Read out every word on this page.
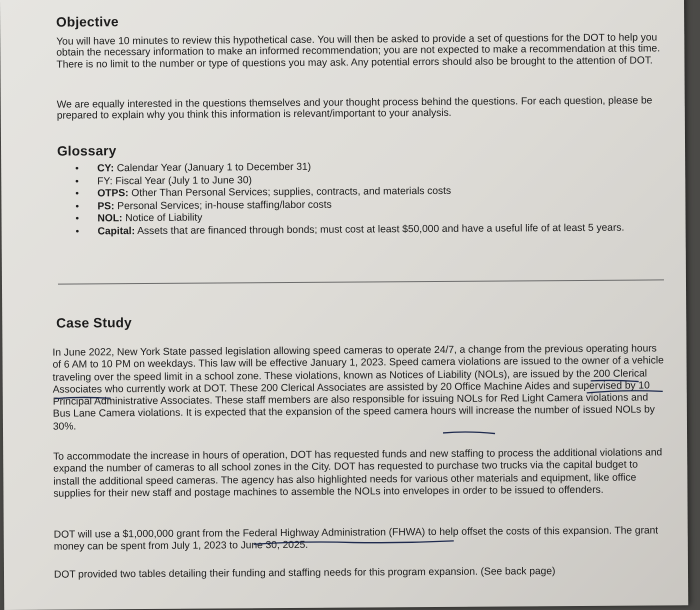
Objective

You will have 10 minutes to review this hypothetical case. You will then be asked to provide a set of questions for the DOT to help you obtain the necessary information to make an informed recommendation; you are not expected to make a recommendation at this time. There is no limit to the number or type of questions you may ask. Any potential errors should also be brought to the attention of DOT.

We are equally interested in the questions themselves and your thought process behind the questions. For each question, please be prepared to explain why you think this information is relevant/important to your analysis.

Glossary
• CY: Calendar Year (January 1 to December 31)
• FY: Fiscal Year (July 1 to June 30)
• OTPS: Other Than Personal Services; supplies, contracts, and materials costs
• PS: Personal Services; in-house staffing/labor costs
• NOL: Notice of Liability
• Capital: Assets that are financed through bonds; must cost at least $50,000 and have a useful life of at least 5 years.
Case Study

In June 2022, New York State passed legislation allowing speed cameras to operate 24/7, a change from the previous operating hours of 6 AM to 10 PM on weekdays. This law will be effective January 1, 2023. Speed camera violations are issued to the owner of a vehicle traveling over the speed limit in a school zone. These violations, known as Notices of Liability (NOLs), are issued by the 200 Clerical Associates who currently work at DOT. These 200 Clerical Associates are assisted by 20 Office Machine Aides and supervised by 10 Principal Administrative Associates. These staff members are also responsible for issuing NOLs for Red Light Camera violations and Bus Lane Camera violations. It is expected that the expansion of the speed camera hours will increase the number of issued NOLs by 30%.

To accommodate the increase in hours of operation, DOT has requested funds and new staffing to process the additional violations and expand the number of cameras to all school zones in the City. DOT has requested to purchase two trucks via the capital budget to install the additional speed cameras. The agency has also highlighted needs for various other materials and equipment, like office supplies for their new staff and postage machines to assemble the NOLs into envelopes in order to be issued to offenders.

DOT will use a $1,000,000 grant from the Federal Highway Administration (FHWA) to help offset the costs of this expansion. The grant money can be spent from July 1, 2023 to June 30, 2025.

DOT provided two tables detailing their funding and staffing needs for this program expansion. (See back page)
